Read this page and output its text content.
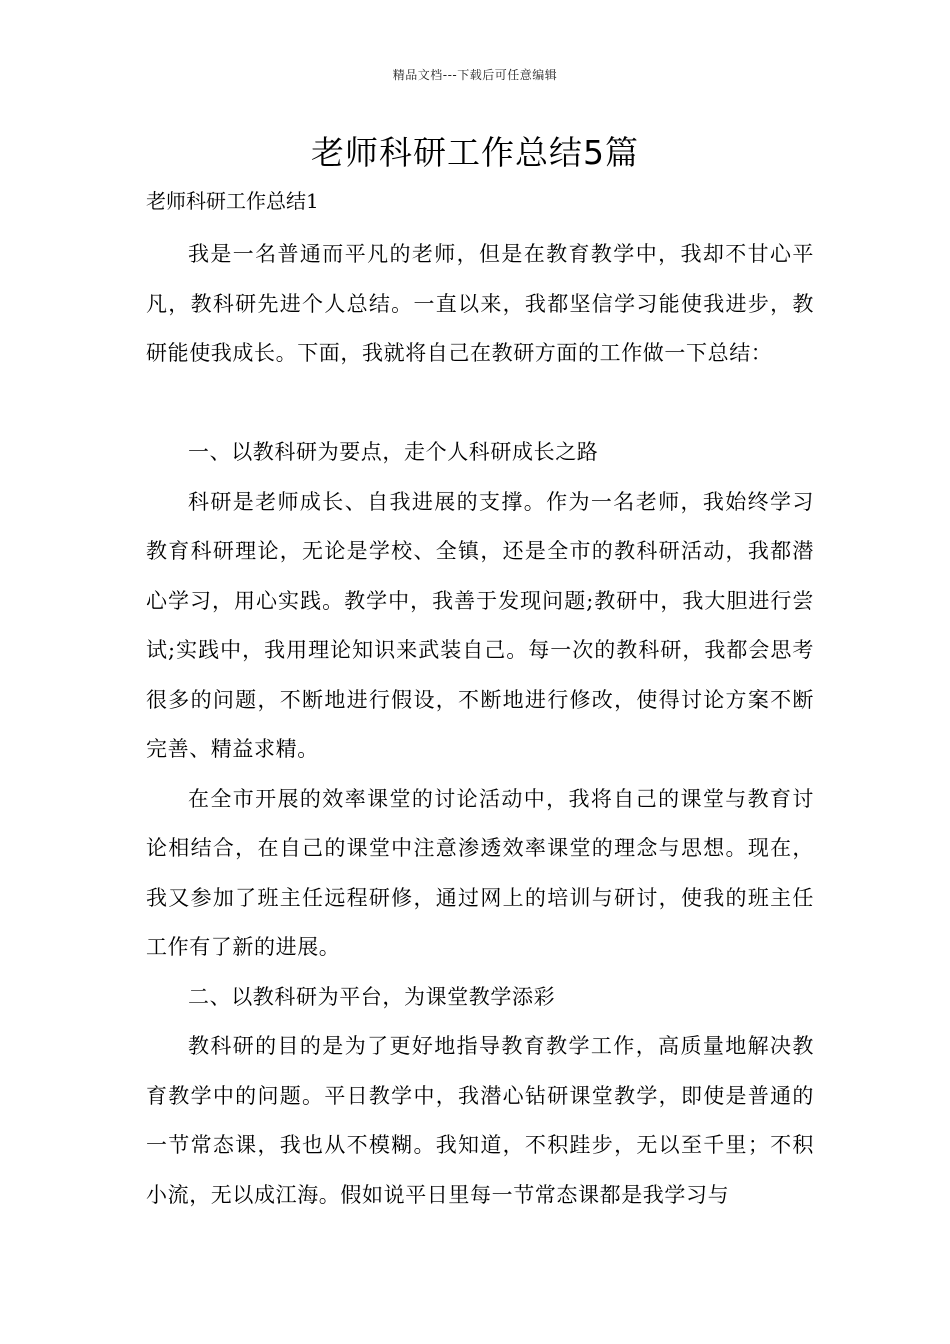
精品文档---下载后可任意编辑
老师科研工作总结5篇
老师科研工作总结1

我是一名普通而平凡的老师，但是在教育教学中，我却不甘心平凡，教科研先进个人总结。一直以来，我都坚信学习能使我进步，教研能使我成长。下面，我就将自己在教研方面的工作做一下总结：

一、以教科研为要点，走个人科研成长之路

科研是老师成长、自我进展的支撑。作为一名老师，我始终学习教育科研理论，无论是学校、全镇，还是全市的教科研活动，我都潜心学习，用心实践。教学中，我善于发现问题;教研中，我大胆进行尝试;实践中，我用理论知识来武装自己。每一次的教科研，我都会思考很多的问题，不断地进行假设，不断地进行修改，使得讨论方案不断完善、精益求精。

在全市开展的效率课堂的讨论活动中，我将自己的课堂与教育讨论相结合，在自己的课堂中注意渗透效率课堂的理念与思想。现在，我又参加了班主任远程研修，通过网上的培训与研讨，使我的班主任工作有了新的进展。

二、以教科研为平台，为课堂教学添彩

教科研的目的是为了更好地指导教育教学工作，高质量地解决教育教学中的问题。平日教学中，我潜心钻研课堂教学，即使是普通的一节常态课，我也从不模糊。我知道，不积跬步，无以至千里；不积小流，无以成江海。假如说平日里每一节常态课都是我学习与
